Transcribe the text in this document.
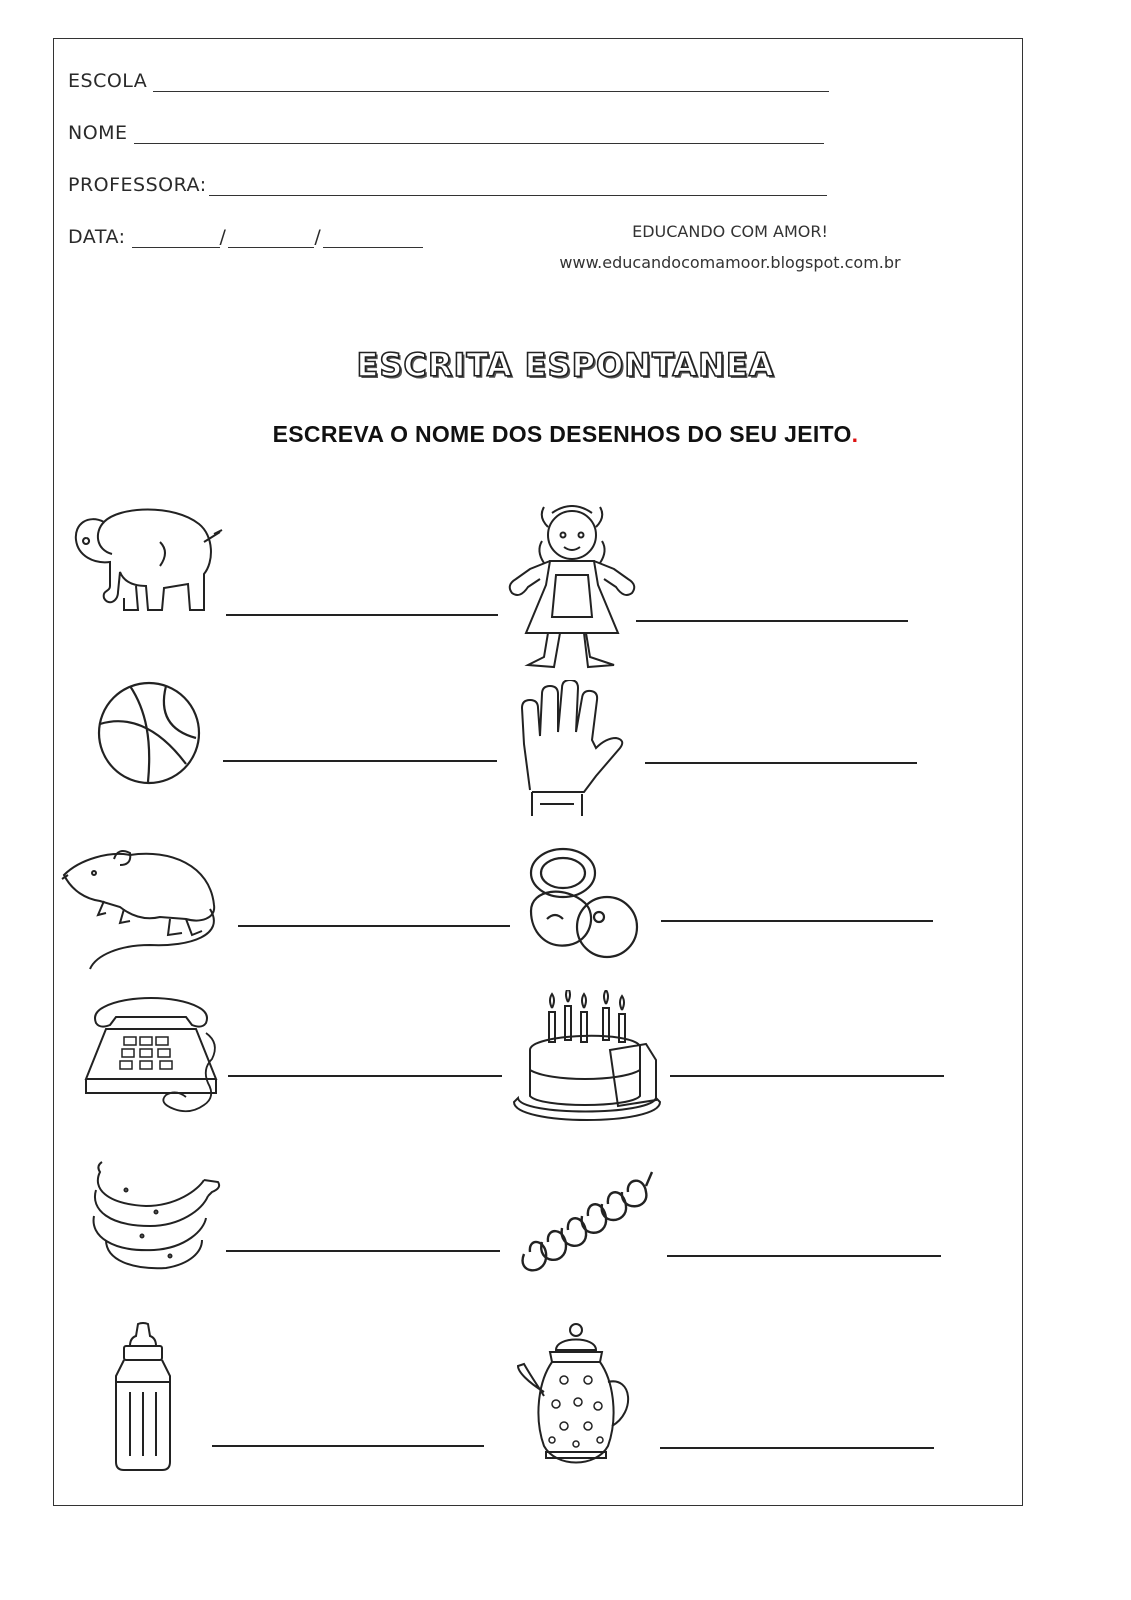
ESCOLA
NOME
PROFESSORA:
DATA:	/	/	EDUCANDO COM AMOR!
www.educandocomamoor.blogspot.com.br
ESCRITA ESPONTANEA
ESCREVA O NOME DOS DESENHOS DO SEU JEITO.
